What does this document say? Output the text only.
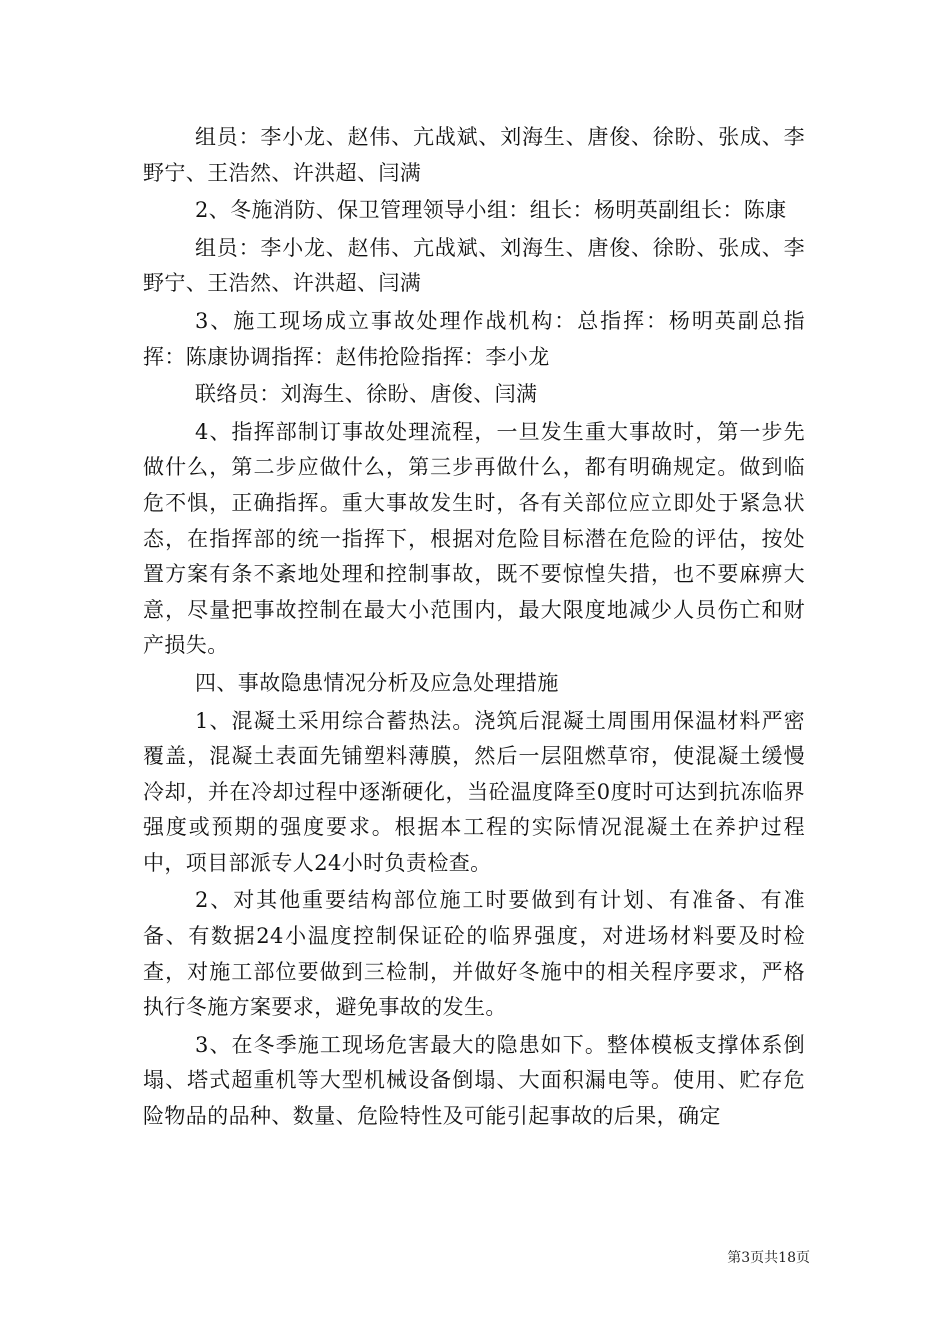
组员：李小龙、赵伟、亢战斌、刘海生、唐俊、徐盼、张成、李野宁、王浩然、许洪超、闫满

2、冬施消防、保卫管理领导小组：组长：杨明英副组长：陈康

组员：李小龙、赵伟、亢战斌、刘海生、唐俊、徐盼、张成、李野宁、王浩然、许洪超、闫满

3、施工现场成立事故处理作战机构：总指挥：杨明英副总指挥：陈康协调指挥：赵伟抢险指挥：李小龙

联络员：刘海生、徐盼、唐俊、闫满

4、指挥部制订事故处理流程，一旦发生重大事故时，第一步先做什么，第二步应做什么，第三步再做什么，都有明确规定。做到临危不惧，正确指挥。重大事故发生时，各有关部位应立即处于紧急状态，在指挥部的统一指挥下，根据对危险目标潜在危险的评估，按处置方案有条不紊地处理和控制事故，既不要惊惶失措，也不要麻痹大意，尽量把事故控制在最大小范围内，最大限度地减少人员伤亡和财产损失。

四、事故隐患情况分析及应急处理措施

1、混凝土采用综合蓄热法。浇筑后混凝土周围用保温材料严密覆盖，混凝土表面先铺塑料薄膜，然后一层阻燃草帘，使混凝土缓慢冷却，并在冷却过程中逐渐硬化，当砼温度降至0度时可达到抗冻临界强度或预期的强度要求。根据本工程的实际情况混凝土在养护过程中，项目部派专人24小时负责检查。

2、对其他重要结构部位施工时要做到有计划、有准备、有准备、有数据24小温度控制保证砼的临界强度，对进场材料要及时检查，对施工部位要做到三检制，并做好冬施中的相关程序要求，严格执行冬施方案要求，避免事故的发生。

3、在冬季施工现场危害最大的隐患如下。整体模板支撑体系倒塌、塔式超重机等大型机械设备倒塌、大面积漏电等。使用、贮存危险物品的品种、数量、危险特性及可能引起事故的后果，确定

第3页共18页
